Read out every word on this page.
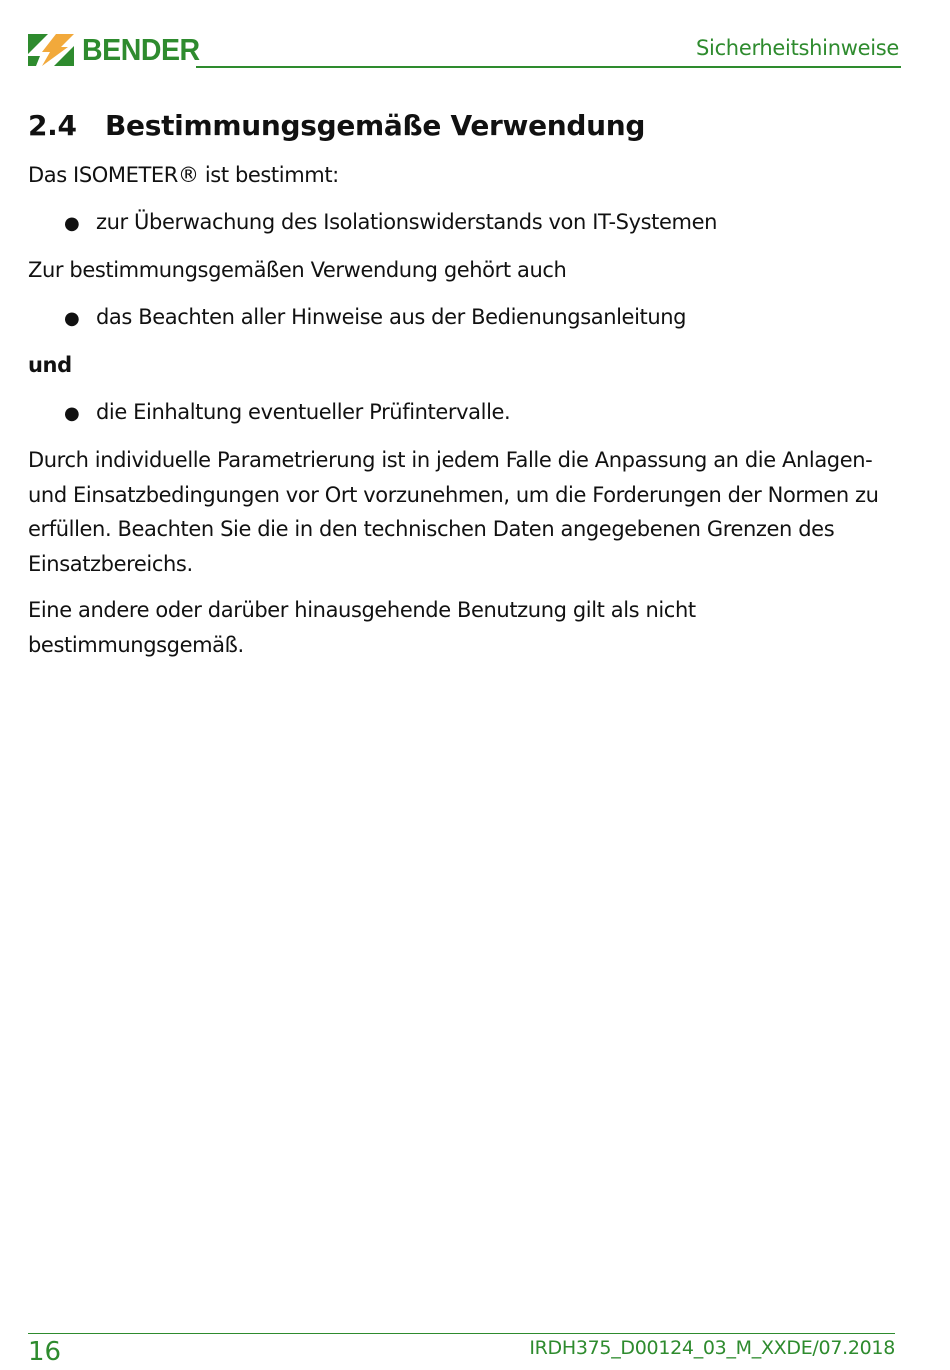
BENDER	Sicherheitshinweise
2.4	Bestimmungsgemäße Verwendung

Das ISOMETER® ist bestimmt:

● zur Überwachung des Isolationswiderstands von IT-Systemen

Zur bestimmungsgemäßen Verwendung gehört auch

● das Beachten aller Hinweise aus der Bedienungsanleitung

und

● die Einhaltung eventueller Prüfintervalle.

Durch individuelle Parametrierung ist in jedem Falle die Anpassung an die Anlagen- und Einsatzbedingungen vor Ort vorzunehmen, um die Forderungen der Normen zu erfüllen. Beachten Sie die in den technischen Daten angegebenen Grenzen des Einsatzbereichs.

Eine andere oder darüber hinausgehende Benutzung gilt als nicht bestimmungsgemäß.

16	IRDH375_D00124_03_M_XXDE/07.2018
